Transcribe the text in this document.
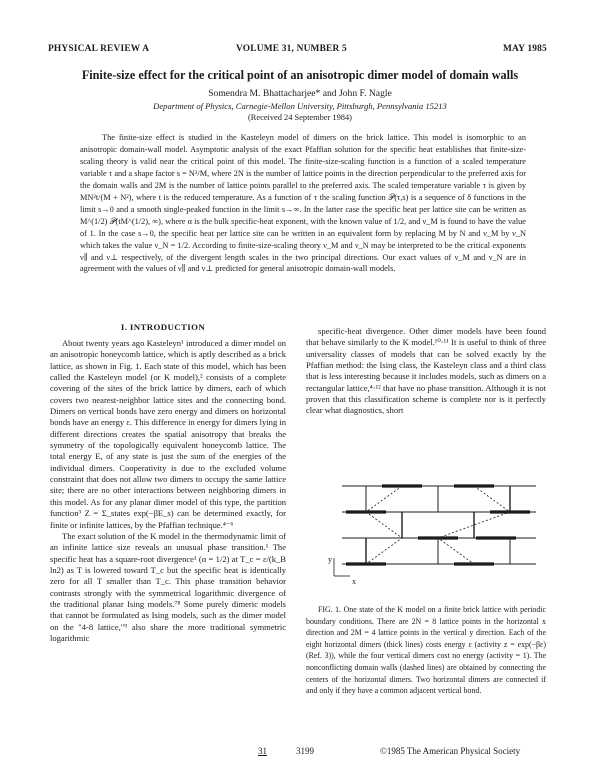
PHYSICAL REVIEW A	VOLUME 31, NUMBER 5	MAY 1985
Finite-size effect for the critical point of an anisotropic dimer model of domain walls
Somendra M. Bhattacharjee* and John F. Nagle
Department of Physics, Carnegie-Mellon University, Pittsburgh, Pennsylvania 15213
(Received 24 September 1984)

The finite-size effect is studied in the Kasteleyn model of dimers on the brick lattice. This model is isomorphic to an anisotropic domain-wall model. Asymptotic analysis of the exact Pfaffian solution for the specific heat establishes that finite-size-scaling theory is valid near the critical point of this model. The finite-size-scaling function is a function of a scaled temperature variable τ and a shape factor s = N²/M, where 2N is the number of lattice points in the direction perpendicular to the preferred axis for the domain walls and 2M is the number of lattice points parallel to the preferred axis. The scaled temperature variable τ is given by MN²t/(M + N²), where t is the reduced temperature. As a function of τ the scaling function 𝒫(τ,s) is a sequence of δ functions in the limit s→0 and a smooth single-peaked function in the limit s→∞. In the latter case the specific heat per lattice site can be written as M^(1/2) 𝒫(tM^(1/2), ∞), where α is the bulk specific-heat exponent, with the known value of 1/2, and ν_M is found to have the value of 1. In the case s→0, the specific heat per lattice site can be written in an equivalent form by replacing M by N and ν_M by ν_N which takes the value ν_N = 1/2. According to finite-size-scaling theory ν_M and ν_N may be interpreted to be the critical exponents ν∥ and ν⊥ respectively, of the divergent length scales in the two principal directions. Our exact values of ν_M and ν_N are in agreement with the values of ν∥ and ν⊥ predicted for general anisotropic domain-wall models.

I. INTRODUCTION

About twenty years ago Kasteleyn¹ introduced a dimer model on an anisotropic honeycomb lattice, which is aptly described as a brick lattice, as shown in Fig. 1. Each state of this model, which has been called the Kasteleyn model (or K model),² consists of a complete covering of the sites of the brick lattice by dimers, each of which covers two nearest-neighbor lattice sites and the connecting bond. Dimers on vertical bonds have zero energy and dimers on horizontal bonds have an energy ε. This difference in energy for dimers lying in different directions creates the spatial anisotropy that breaks the symmetry of the topologically equivalent honeycomb lattice. The total energy E, of any state is just the sum of the energies of the individual dimers. Cooperativity is due to the excluded volume constraint that does not allow two dimers to occupy the same lattice site; there are no other interactions between neighboring dimers in this model. As for any planar dimer model of this type, the partition function³ Z = Σ_states exp(−βE_s) can be determined exactly, for finite or infinite lattices, by the Pfaffian technique.⁴⁻⁶

The exact solution of the K model in the thermodynamic limit of an infinite lattice size reveals an unusual phase transition.¹ The specific heat has a square-root divergence¹ (α = 1/2) at T_c = ε/(k_B ln2) as T is lowered toward T_c but the specific heat is identically zero for all T smaller than T_c. This phase transition behavior contrasts strongly with the symmetrical logarithmic divergence of the traditional planar Ising models.⁷⁸ Some purely dimeric models that cannot be formulated as Ising models, such as the dimer model on the "4-8 lattice,"⁹ also share the more traditional symmetric logarithmic

specific-heat divergence. Other dimer models have been found that behave similarly to the K model.¹⁰·¹¹ It is useful to think of three universality classes of models that can be solved exactly by the Pfaffian method: the Ising class, the Kasteleyn class and a third class that is less interesting because it includes models, such as dimers on a rectangular lattice,⁴·¹² that have no phase transition. Although it is not proven that this classification scheme is complete nor is it perfectly clear what diagnostics, short

y
x

FIG. 1. One state of the K model on a finite brick lattice with periodic boundary conditions. There are 2N = 8 lattice points in the horizontal x direction and 2M = 4 lattice points in the vertical y direction. Each of the eight horizontal dimers (thick lines) costs energy ε (activity z = exp(−βε) (Ref. 3)), while the four vertical dimers cost no energy (activity = 1). The nonconflicting domain walls (dashed lines) are obtained by connecting the centers of the horizontal dimers. Two horizontal dimers are connected if and only if they have a common adjacent vertical bond.

31	3199	©1985 The American Physical Society
